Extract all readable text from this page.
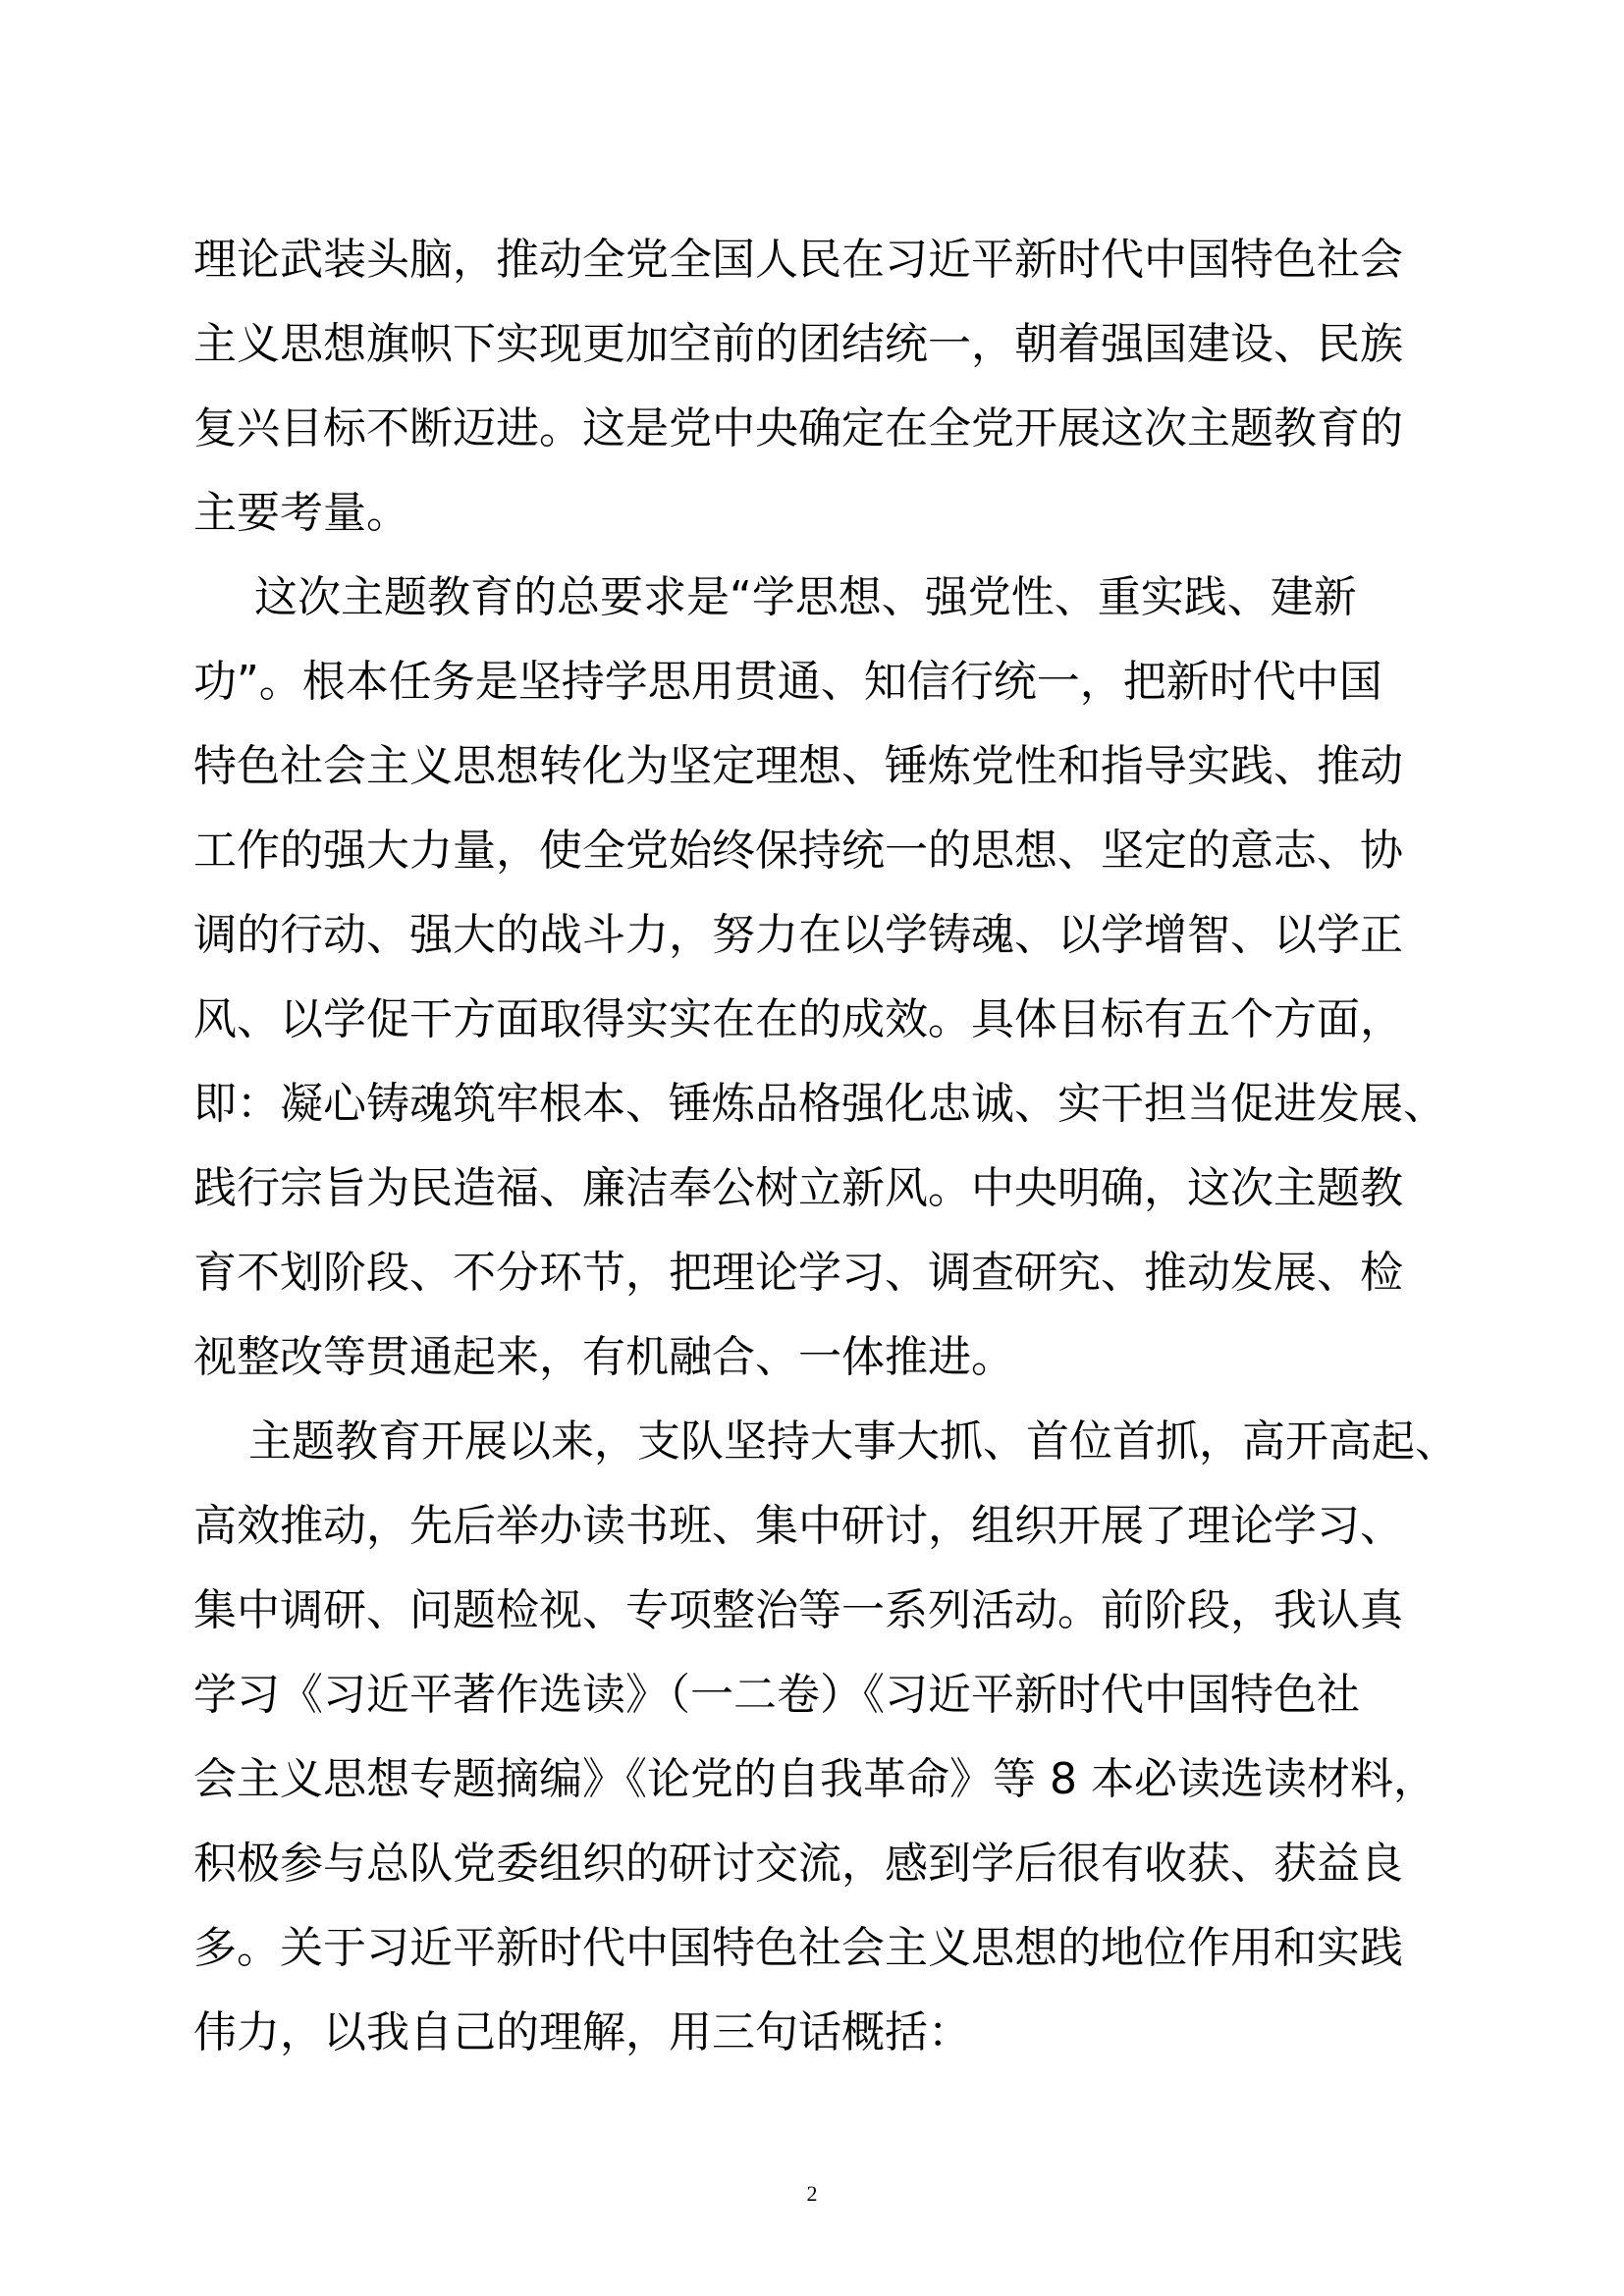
理论武装头脑，推动全党全国人民在习近平新时代中国特色社会
主义思想旗帜下实现更加空前的团结统一，朝着强国建设、民族
复兴目标不断迈进。这是党中央确定在全党开展这次主题教育的
主要考量。
这次主题教育的总要求是“学思想、强党性、重实践、建新
功”。根本任务是坚持学思用贯通、知信行统一，把新时代中国
特色社会主义思想转化为坚定理想、锤炼党性和指导实践、推动
工作的强大力量，使全党始终保持统一的思想、坚定的意志、协
调的行动、强大的战斗力，努力在以学铸魂、以学增智、以学正
风、以学促干方面取得实实在在的成效。具体目标有五个方面，
即：凝心铸魂筑牢根本、锤炼品格强化忠诚、实干担当促进发展、
践行宗旨为民造福、廉洁奉公树立新风。中央明确，这次主题教
育不划阶段、不分环节，把理论学习、调查研究、推动发展、检
视整改等贯通起来，有机融合、一体推进。
主题教育开展以来，支队坚持大事大抓、首位首抓，高开高起、
高效推动，先后举办读书班、集中研讨，组织开展了理论学习、
集中调研、问题检视、专项整治等一系列活动。前阶段，我认真
学习《习近平著作选读》（一二卷）《习近平新时代中国特色社
会主义思想专题摘编》《论党的自我革命》等 8 本必读选读材料，
积极参与总队党委组织的研讨交流，感到学后很有收获、获益良
多。关于习近平新时代中国特色社会主义思想的地位作用和实践
伟力，以我自己的理解，用三句话概括：
2
